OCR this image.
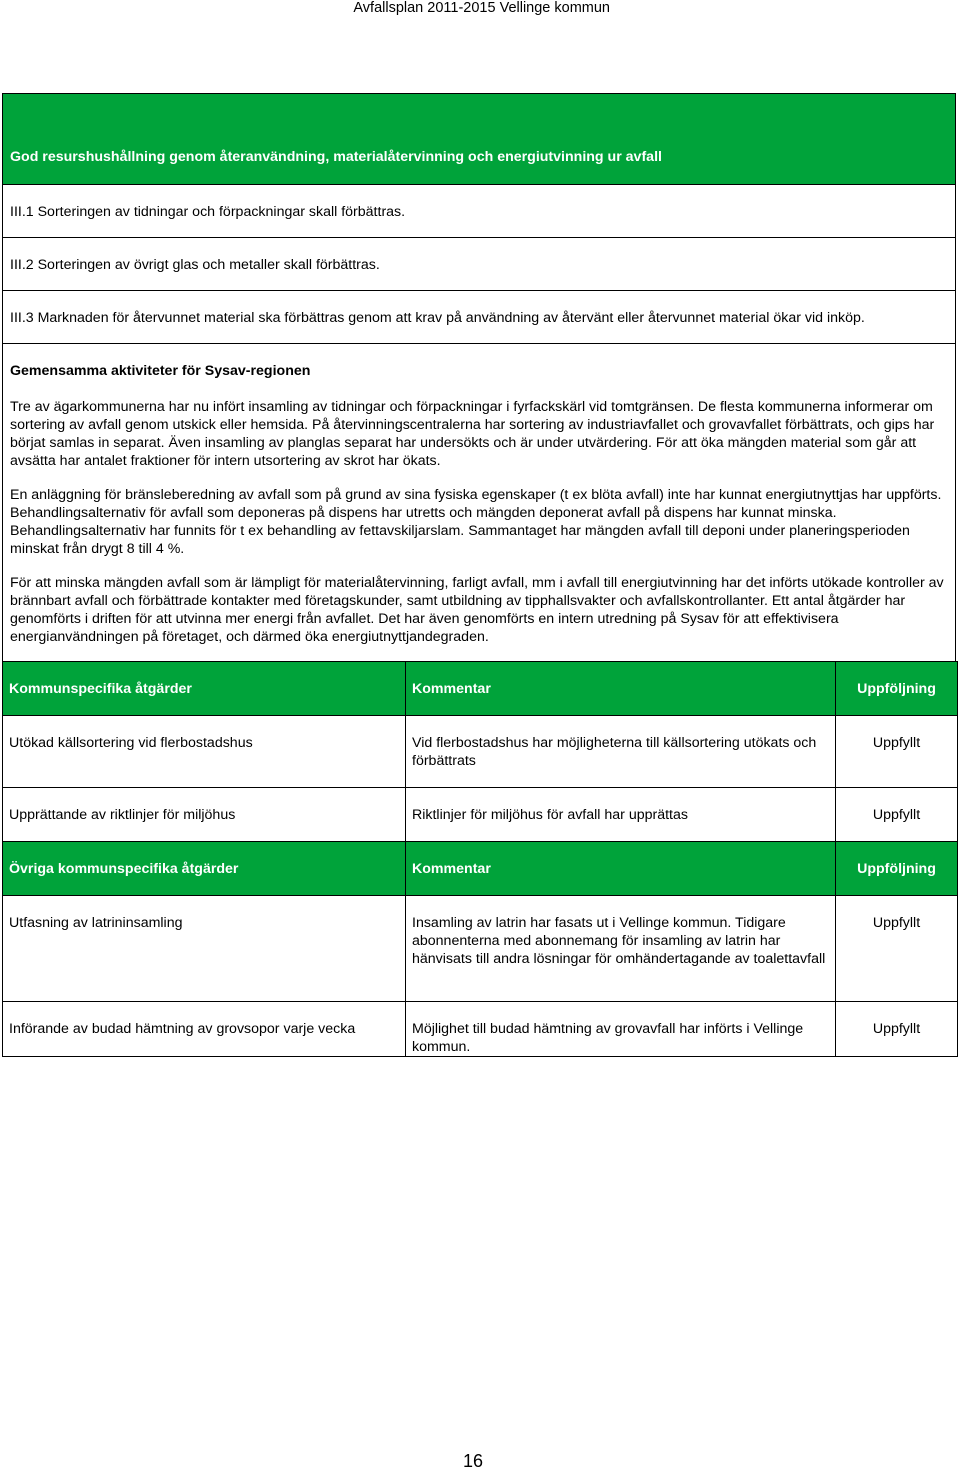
Avfallsplan 2011-2015 Vellinge kommun
God resurshushållning genom återanvändning, materialåtervinning och energiutvinning ur avfall
III.1 Sorteringen av tidningar och förpackningar skall förbättras.
III.2 Sorteringen av övrigt glas och metaller skall förbättras.
III.3 Marknaden för återvunnet material ska förbättras genom att krav på användning av återvänt eller återvunnet material ökar vid inköp.
Gemensamma aktiviteter för Sysav-regionen

Tre av ägarkommunerna har nu infört insamling av tidningar och förpackningar i fyrfackskärl vid tomtgränsen. De flesta kommunerna informerar om sortering av avfall genom utskick eller hemsida. På återvinningscentralerna har sortering av industriavfallet och grovavfallet förbättrats, och gips har börjat samlas in separat. Även insamling av planglas separat har undersökts och är under utvärdering. För att öka mängden material som går att avsätta har antalet fraktioner för intern utsortering av skrot har ökats.

En anläggning för bränsleberedning av avfall som på grund av sina fysiska egenskaper (t ex blöta avfall) inte har kunnat energiutnyttjas har uppförts. Behandlingsalternativ för avfall som deponeras på dispens har utretts och mängden deponerat avfall på dispens har kunnat minska. Behandlingsalternativ har funnits för t ex behandling av fettavskiljarslam. Sammantaget har mängden avfall till deponi under planeringsperioden minskat från drygt 8 till 4 %.

För att minska mängden avfall som är lämpligt för materialåtervinning, farligt avfall, mm i avfall till energiutvinning har det införts utökade kontroller av brännbart avfall och förbättrade kontakter med företagskunder, samt utbildning av tipphallsvakter och avfallskontrollanter. Ett antal åtgärder har genomförts i driften för att utvinna mer energi från avfallet. Det har även genomförts en intern utredning på Sysav för att effektivisera energianvändningen på företaget, och därmed öka energiutnyttjandegraden.

Kommunspecifika åtgärder	Kommentar	Uppföljning
Utökad källsortering vid flerbostadshus	Vid flerbostadshus har möjligheterna till källsortering utökats och förbättrats	Uppfyllt
Upprättande av riktlinjer för miljöhus	Riktlinjer för miljöhus för avfall har upprättas	Uppfyllt
Övriga kommunspecifika åtgärder	Kommentar	Uppföljning
Utfasning av latrininsamling	Insamling av latrin har fasats ut i Vellinge kommun. Tidigare abonnenterna med abonnemang för insamling av latrin har hänvisats till andra lösningar för omhändertagande av toalettavfall	Uppfyllt
Införande av budad hämtning av grovsopor varje vecka	Möjlighet till budad hämtning av grovavfall har införts i Vellinge kommun.	Uppfyllt
16
